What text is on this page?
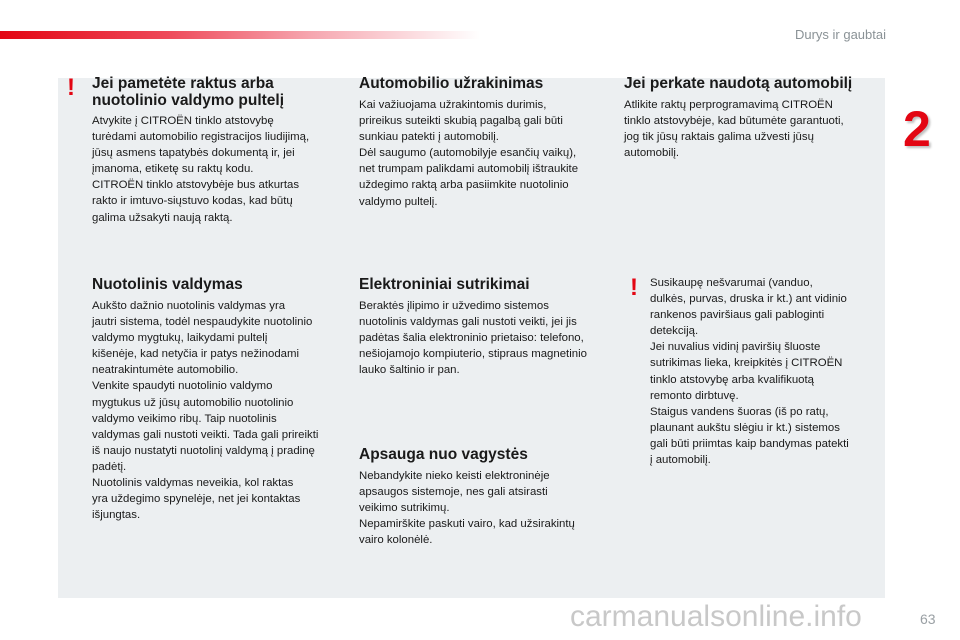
Durys ir gaubtai
2
! Jei pametėte raktus arba
nuotolinio valdymo pultelį

Atvykite į CITROËN tinklo atstovybę
turėdami automobilio registracijos liudijimą,
jūsų asmens tapatybės dokumentą ir, jei
įmanoma, etiketę su raktų kodu.
CITROËN tinklo atstovybėje bus atkurtas
rakto ir imtuvo-siųstuvo kodas, kad būtų
galima užsakyti naują raktą.

Automobilio užrakinimas

Kai važiuojama užrakintomis durimis,
prireikus suteikti skubią pagalbą gali būti
sunkiau patekti į automobilį.
Dėl saugumo (automobilyje esančių vaikų),
net trumpam palikdami automobilį ištraukite
uždegimo raktą arba pasiimkite nuotolinio
valdymo pultelį.

Jei perkate naudotą automobilį

Atlikite raktų perprogramavimą CITROËN
tinklo atstovybėje, kad būtumėte garantuoti,
jog tik jūsų raktais galima užvesti jūsų
automobilį.

Nuotolinis valdymas

Aukšto dažnio nuotolinis valdymas yra
jautri sistema, todėl nespaudykite nuotolinio
valdymo mygtukų, laikydami pultelį
kišenėje, kad netyčia ir patys nežinodami
neatrakintumėte automobilio.
Venkite spaudyti nuotolinio valdymo
mygtukus už jūsų automobilio nuotolinio
valdymo veikimo ribų. Taip nuotolinis
valdymas gali nustoti veikti. Tada gali prireikti
iš naujo nustatyti nuotolinį valdymą į pradinę
padėtį.
Nuotolinis valdymas neveikia, kol raktas
yra uždegimo spynelėje, net jei kontaktas
išjungtas.

Elektroniniai sutrikimai

Beraktės įlipimo ir užvedimo sistemos
nuotolinis valdymas gali nustoti veikti, jei jis
padėtas šalia elektroninio prietaiso: telefono,
nešiojamojo kompiuterio, stipraus magnetinio
lauko šaltinio ir pan.

Apsauga nuo vagystės

Nebandykite nieko keisti elektroninėje
apsaugos sistemoje, nes gali atsirasti
veikimo sutrikimų.
Nepamirškite paskuti vairo, kad užsirakintų
vairo kolonėlė.

! Susikaupę nešvarumai (vanduo,
dulkės, purvas, druska ir kt.) ant vidinio
rankenos paviršiaus gali pabloginti
detekciją.
Jei nuvalius vidinį paviršių šluoste
sutrikimas lieka, kreipkitės į CITROËN
tinklo atstovybę arba kvalifikuotą
remonto dirbtuvę.
Staigus vandens šuoras (iš po ratų,
plaunant aukštu slėgiu ir kt.) sistemos
gali būti priimtas kaip bandymas patekti
į automobilį.

carmanualsonline.info	63
